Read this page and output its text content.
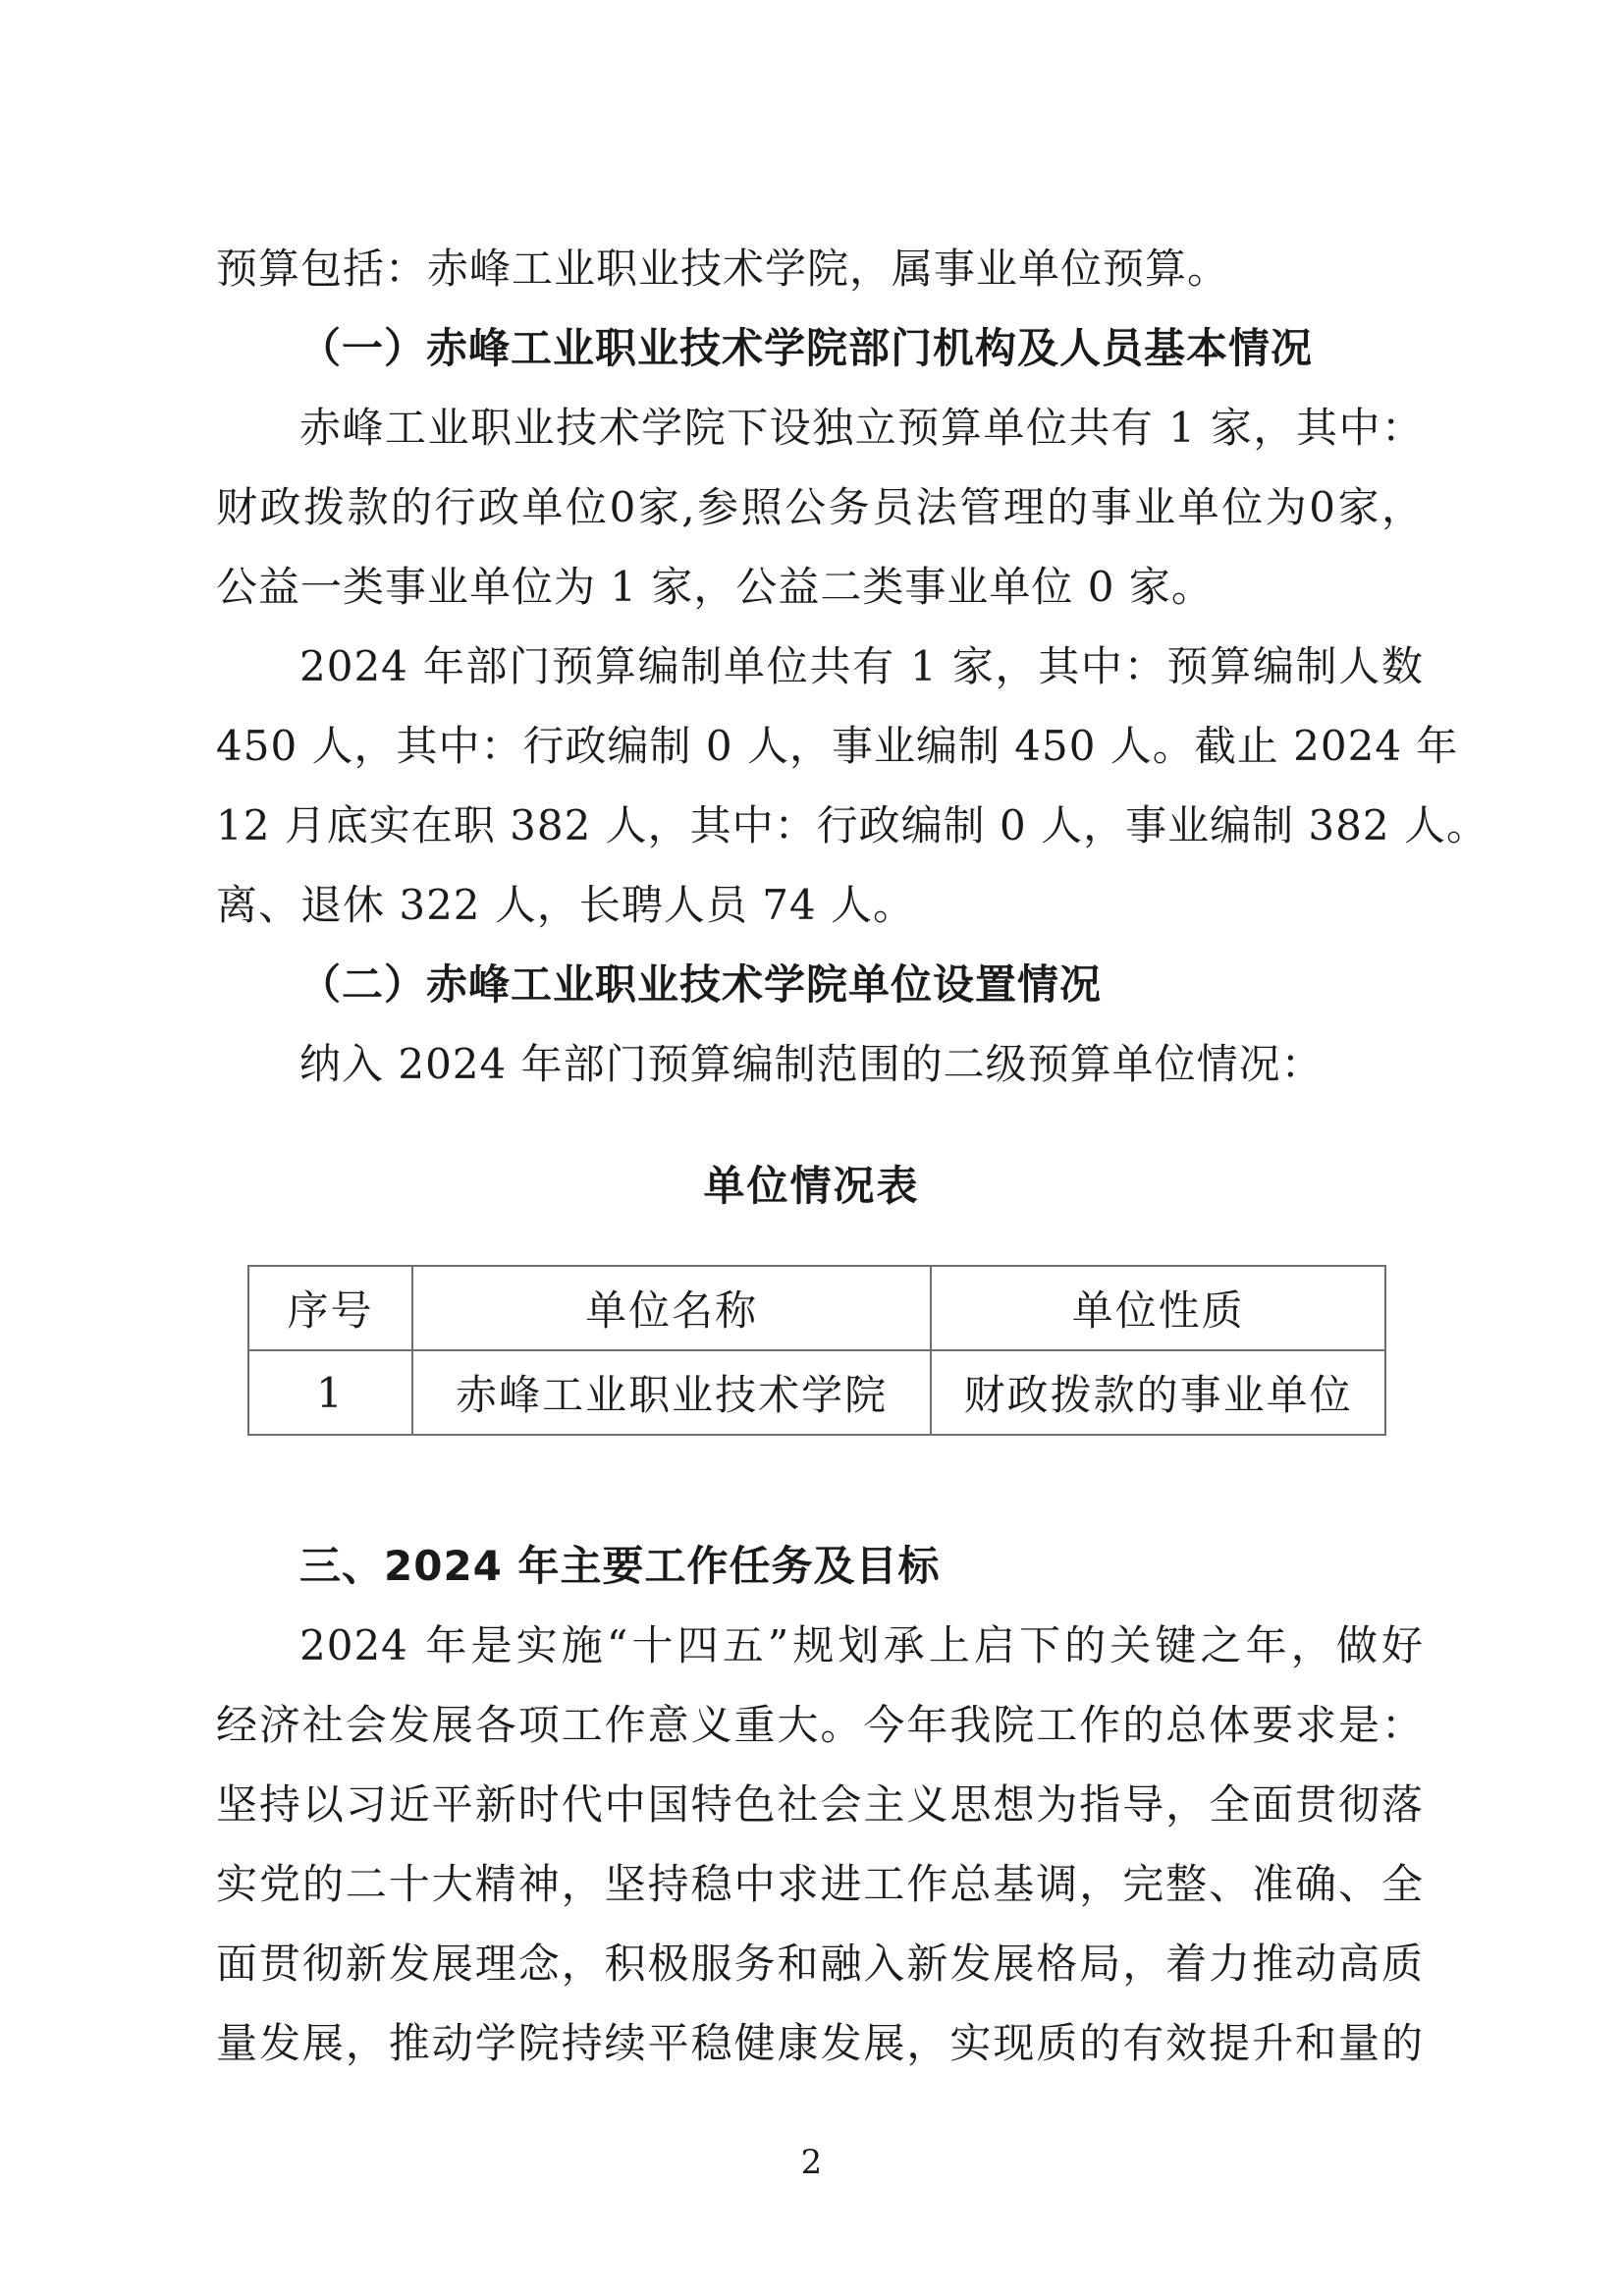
预算包括：赤峰工业职业技术学院，属事业单位预算。
（一）赤峰工业职业技术学院部门机构及人员基本情况
赤峰工业职业技术学院下设独立预算单位共有 1 家，其中：
财政拨款的行政单位0家,参照公务员法管理的事业单位为0家，
公益一类事业单位为 1 家，公益二类事业单位 0 家。
2024 年部门预算编制单位共有 1 家，其中：预算编制人数
450 人，其中：行政编制 0 人，事业编制 450 人。截止 2024 年
12 月底实在职 382 人，其中：行政编制 0 人，事业编制 382 人。
离、退休 322 人，长聘人员 74 人。
（二）赤峰工业职业技术学院单位设置情况
纳入 2024 年部门预算编制范围的二级预算单位情况：
单位情况表
序号	单位名称	单位性质
1	赤峰工业职业技术学院	财政拨款的事业单位
三、2024 年主要工作任务及目标
2024 年是实施“十四五”规划承上启下的关键之年，做好
经济社会发展各项工作意义重大。今年我院工作的总体要求是：
坚持以习近平新时代中国特色社会主义思想为指导，全面贯彻落
实党的二十大精神，坚持稳中求进工作总基调，完整、准确、全
面贯彻新发展理念，积极服务和融入新发展格局，着力推动高质
量发展，推动学院持续平稳健康发展，实现质的有效提升和量的
2
